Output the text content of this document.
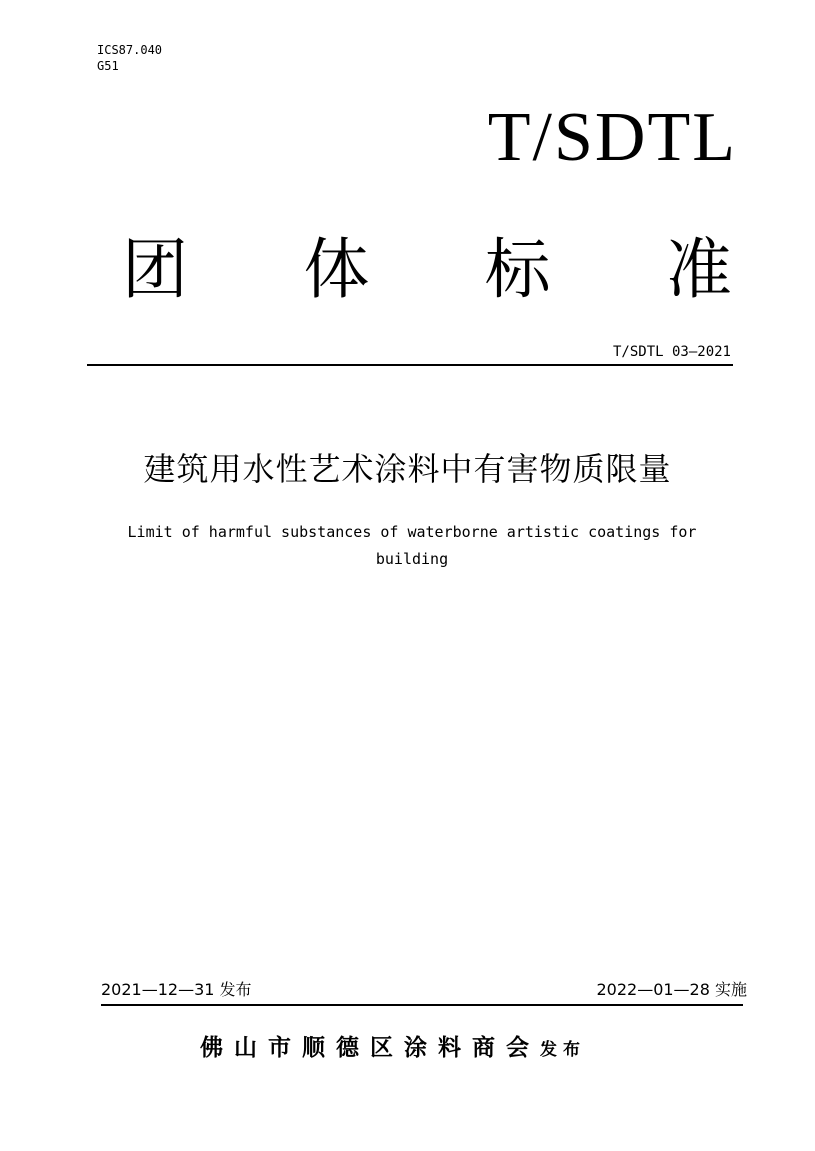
ICS87.040
G51
T/SDTL
团 体 标 准
T/SDTL 03—2021
建筑用水性艺术涂料中有害物质限量
Limit of harmful substances of waterborne artistic coatings for building
2021—12—31 发布	2022—01—28 实施
佛山市顺德区涂料商会发布
